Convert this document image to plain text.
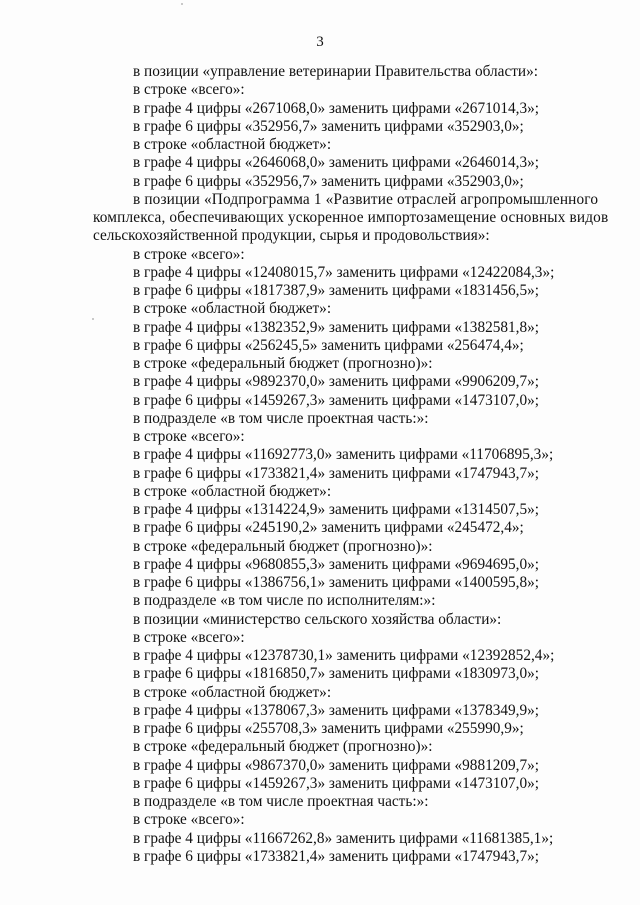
3
в позиции «управление ветеринарии Правительства области»:
в строке «всего»:
в графе 4 цифры «2671068,0» заменить цифрами «2671014,3»;
в графе 6 цифры «352956,7» заменить цифрами «352903,0»;
в строке «областной бюджет»:
в графе 4 цифры «2646068,0» заменить цифрами «2646014,3»;
в графе 6 цифры «352956,7» заменить цифрами «352903,0»;
в позиции «Подпрограмма 1 «Развитие отраслей агропромышленного
комплекса, обеспечивающих ускоренное импортозамещение основных видов
сельскохозяйственной продукции, сырья и продовольствия»:
в строке «всего»:
в графе 4 цифры «12408015,7» заменить цифрами «12422084,3»;
в графе 6 цифры «1817387,9» заменить цифрами «1831456,5»;
в строке «областной бюджет»:
в графе 4 цифры «1382352,9» заменить цифрами «1382581,8»;
в графе 6 цифры «256245,5» заменить цифрами «256474,4»;
в строке «федеральный бюджет (прогнозно)»:
в графе 4 цифры «9892370,0» заменить цифрами «9906209,7»;
в графе 6 цифры «1459267,3» заменить цифрами «1473107,0»;
в подразделе «в том числе проектная часть:»:
в строке «всего»:
в графе 4 цифры «11692773,0» заменить цифрами «11706895,3»;
в графе 6 цифры «1733821,4» заменить цифрами «1747943,7»;
в строке «областной бюджет»:
в графе 4 цифры «1314224,9» заменить цифрами «1314507,5»;
в графе 6 цифры «245190,2» заменить цифрами «245472,4»;
в строке «федеральный бюджет (прогнозно)»:
в графе 4 цифры «9680855,3» заменить цифрами «9694695,0»;
в графе 6 цифры «1386756,1» заменить цифрами «1400595,8»;
в подразделе «в том числе по исполнителям:»:
в позиции «министерство сельского хозяйства области»:
в строке «всего»:
в графе 4 цифры «12378730,1» заменить цифрами «12392852,4»;
в графе 6 цифры «1816850,7» заменить цифрами «1830973,0»;
в строке «областной бюджет»:
в графе 4 цифры «1378067,3» заменить цифрами «1378349,9»;
в графе 6 цифры «255708,3» заменить цифрами «255990,9»;
в строке «федеральный бюджет (прогнозно)»:
в графе 4 цифры «9867370,0» заменить цифрами «9881209,7»;
в графе 6 цифры «1459267,3» заменить цифрами «1473107,0»;
в подразделе «в том числе проектная часть:»:
в строке «всего»:
в графе 4 цифры «11667262,8» заменить цифрами «11681385,1»;
в графе 6 цифры «1733821,4» заменить цифрами «1747943,7»;
